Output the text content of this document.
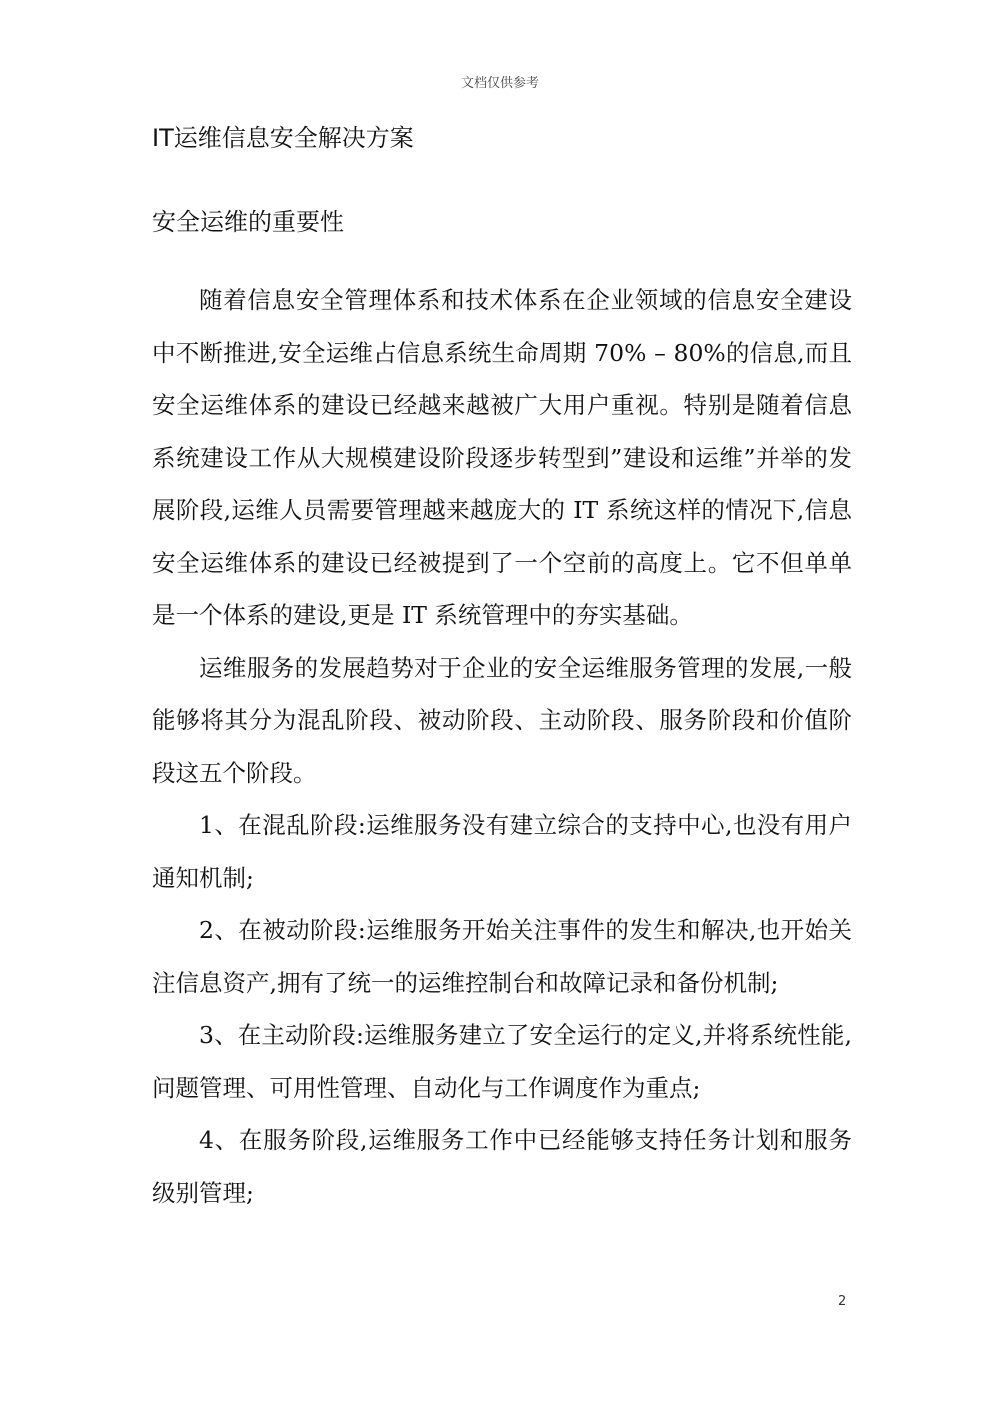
文档仅供参考
IT运维信息安全解决方案
安全运维的重要性

随着信息安全管理体系和技术体系在企业领域的信息安全建设中不断推进,安全运维占信息系统生命周期 70% – 80%的信息,而且安全运维体系的建设已经越来越被广大用户重视。特别是随着信息系统建设工作从大规模建设阶段逐步转型到”建设和运维”并举的发展阶段,运维人员需要管理越来越庞大的 IT 系统这样的情况下,信息安全运维体系的建设已经被提到了一个空前的高度上。它不但单单是一个体系的建设,更是 IT 系统管理中的夯实基础。

运维服务的发展趋势对于企业的安全运维服务管理的发展,一般能够将其分为混乱阶段、被动阶段、主动阶段、服务阶段和价值阶段这五个阶段。

1、在混乱阶段:运维服务没有建立综合的支持中心,也没有用户通知机制;

2、在被动阶段:运维服务开始关注事件的发生和解决,也开始关注信息资产,拥有了统一的运维控制台和故障记录和备份机制;

3、在主动阶段:运维服务建立了安全运行的定义,并将系统性能,问题管理、可用性管理、自动化与工作调度作为重点;

4、在服务阶段,运维服务工作中已经能够支持任务计划和服务级别管理;

2
